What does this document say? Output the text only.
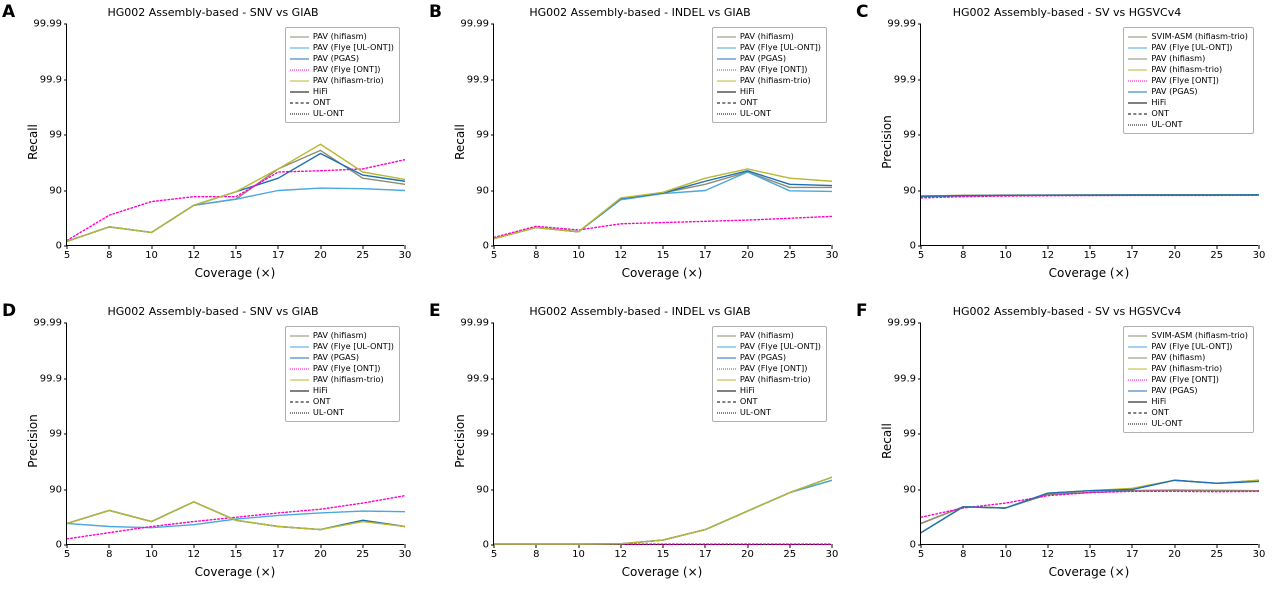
A	HG002 Assembly-based - SNV vs GIAB
Recall
0
90
99
99.9
99.99
5	8	10	12	15	17	20	25	30
PAV (hifiasm)
PAV (Flye [UL-ONT])
PAV (PGAS)
PAV (Flye [ONT])
PAV (hifiasm-trio)
HiFi
ONT
UL-ONT
Coverage (×)
B	HG002 Assembly-based - INDEL vs GIAB
Recall
0
90
99
99.9
99.99
5	8	10	12	15	17	20	25	30
PAV (hifiasm)
PAV (Flye [UL-ONT])
PAV (PGAS)
PAV (Flye [ONT])
PAV (hifiasm-trio)
HiFi
ONT
UL-ONT
Coverage (×)
C	HG002 Assembly-based - SV vs HGSVCv4
Precision
0
90
99
99.9
99.99
5	8	10	12	15	17	20	25	30
SVIM-ASM (hifiasm-trio)
PAV (Flye [UL-ONT])
PAV (hifiasm)
PAV (hifiasm-trio)
PAV (Flye [ONT])
PAV (PGAS)
HiFi
ONT
UL-ONT
Coverage (×)
D	HG002 Assembly-based - SNV vs GIAB
Precision
0
90
99
99.9
99.99
5	8	10	12	15	17	20	25	30
PAV (hifiasm)
PAV (Flye [UL-ONT])
PAV (PGAS)
PAV (Flye [ONT])
PAV (hifiasm-trio)
HiFi
ONT
UL-ONT
Coverage (×)
E	HG002 Assembly-based - INDEL vs GIAB
Precision
0
90
99
99.9
99.99
5	8	10	12	15	17	20	25	30
PAV (hifiasm)
PAV (Flye [UL-ONT])
PAV (PGAS)
PAV (Flye [ONT])
PAV (hifiasm-trio)
HiFi
ONT
UL-ONT
Coverage (×)
F	HG002 Assembly-based - SV vs HGSVCv4
Recall
0
90
99
99.9
99.99
5	8	10	12	15	17	20	25	30
SVIM-ASM (hifiasm-trio)
PAV (Flye [UL-ONT])
PAV (hifiasm)
PAV (hifiasm-trio)
PAV (Flye [ONT])
PAV (PGAS)
HiFi
ONT
UL-ONT
Coverage (×)
